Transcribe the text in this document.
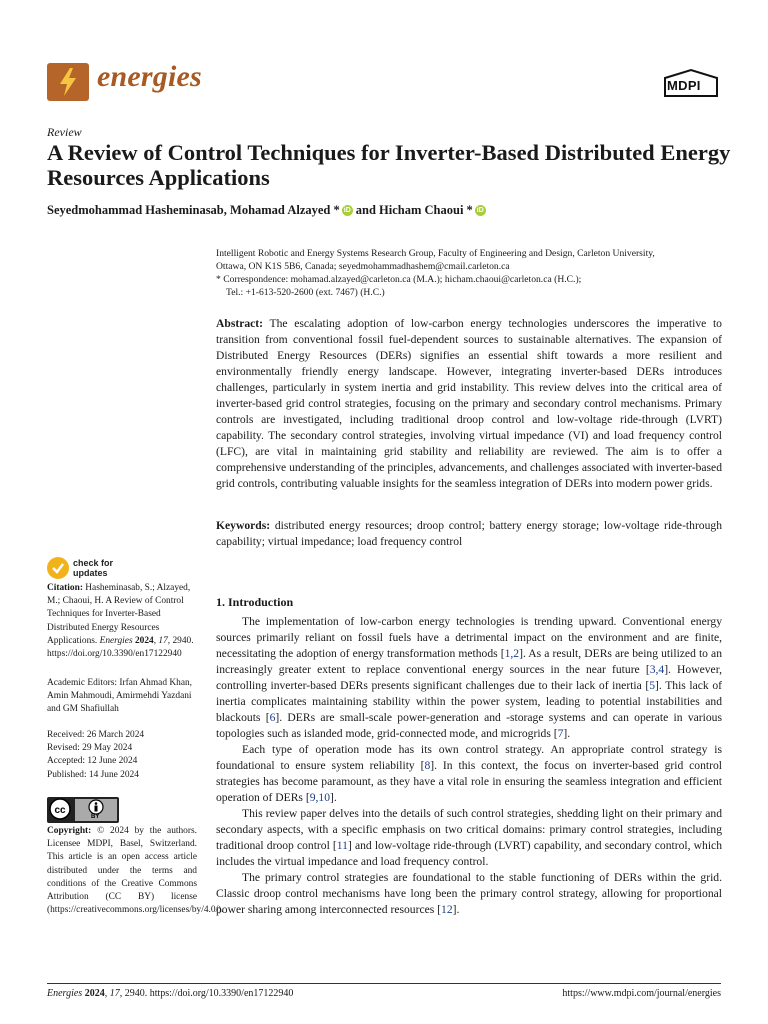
energies	MDPI
Review
A Review of Control Techniques for Inverter-Based Distributed Energy Resources Applications
Seyedmohammad Hasheminasab,
Mohamad Alzayed * iD and
Hicham Chaoui * iD
Intelligent Robotic and Energy Systems Research Group, Faculty of Engineering and Design, Carleton University,
Ottawa, ON K1S 5B6, Canada; seyedmohammadhashem@cmail.carleton.ca
* Correspondence: mohamad.alzayed@carleton.ca (M.A.); hicham.chaoui@carleton.ca (H.C.);
Tel.: +1-613-520-2600 (ext. 7467) (H.C.)
Abstract: The escalating adoption of low-carbon energy technologies underscores the imperative to transition from conventional fossil fuel-dependent sources to sustainable alternatives. The expansion of Distributed Energy Resources (DERs) signifies an essential shift towards a more resilient and environmentally friendly energy landscape. However, integrating inverter-based DERs introduces challenges, particularly in system inertia and grid instability. This review delves into the critical area of inverter-based grid control strategies, focusing on the primary and secondary control mechanisms. Primary controls are investigated, including traditional droop control and low-voltage ride-through (LVRT) capability. The secondary control strategies, involving virtual impedance (VI) and load frequency control (LFC), are vital in maintaining grid stability and reliability are reviewed. The aim is to offer a comprehensive understanding of the principles, advancements, and challenges associated with inverter-based grid controls, contributing valuable insights for the seamless integration of DERs into modern power grids.
Keywords: distributed energy resources; droop control; battery energy storage; low-voltage ride-through capability; virtual impedance; load frequency control
1. Introduction

The implementation of low-carbon energy technologies is trending upward. Conventional energy sources primarily reliant on fossil fuels have a detrimental impact on the environment and are finite, necessitating the adoption of energy transformation methods [1,2]. As a result, DERs are being utilized to an increasingly greater extent to replace conventional energy sources in the near future [3,4]. However, controlling inverter-based DERs presents significant challenges due to their lack of inertia [5]. This lack of inertia complicates maintaining stability within the power system, leading to potential instabilities and blackouts [6]. DERs are small-scale power-generation and -storage systems and can operate in various topologies such as islanded mode, grid-connected mode, and microgrids [7].

Each type of operation mode has its own control strategy. An appropriate control strategy is foundational to ensure system reliability [8]. In this context, the focus on inverter-based grid control strategies has become paramount, as they have a vital role in ensuring the seamless integration and efficient operation of DERs [9,10].

This review paper delves into the details of such control strategies, shedding light on their primary and secondary aspects, with a specific emphasis on two critical domains: primary control strategies, including traditional droop control [11] and low-voltage ride-through (LVRT) capability, and secondary control, which includes the virtual impedance and load frequency control.

The primary control strategies are foundational to the stable functioning of DERs within the grid. Classic droop control mechanisms have long been the primary control strategy, allowing for proportional power sharing among interconnected resources [12].

check for
updates
Citation: Hasheminasab, S.; Alzayed, M.; Chaoui, H. A Review of Control Techniques for Inverter-Based Distributed Energy Resources Applications. Energies 2024, 17, 2940. https://doi.org/10.3390/en17122940
Academic Editors: Irfan Ahmad Khan, Amin Mahmoudi, Amirmehdi Yazdani and GM Shafiullah
Received: 26 March 2024
Revised: 29 May 2024
Accepted: 12 June 2024
Published: 14 June 2024
cc
BY
Copyright: © 2024 by the authors. Licensee MDPI, Basel, Switzerland. This article is an open access article distributed under the terms and conditions of the Creative Commons Attribution (CC BY) license (https://creativecommons.org/licenses/by/4.0/).
Energies 2024, 17, 2940. https://doi.org/10.3390/en17122940	https://www.mdpi.com/journal/energies
